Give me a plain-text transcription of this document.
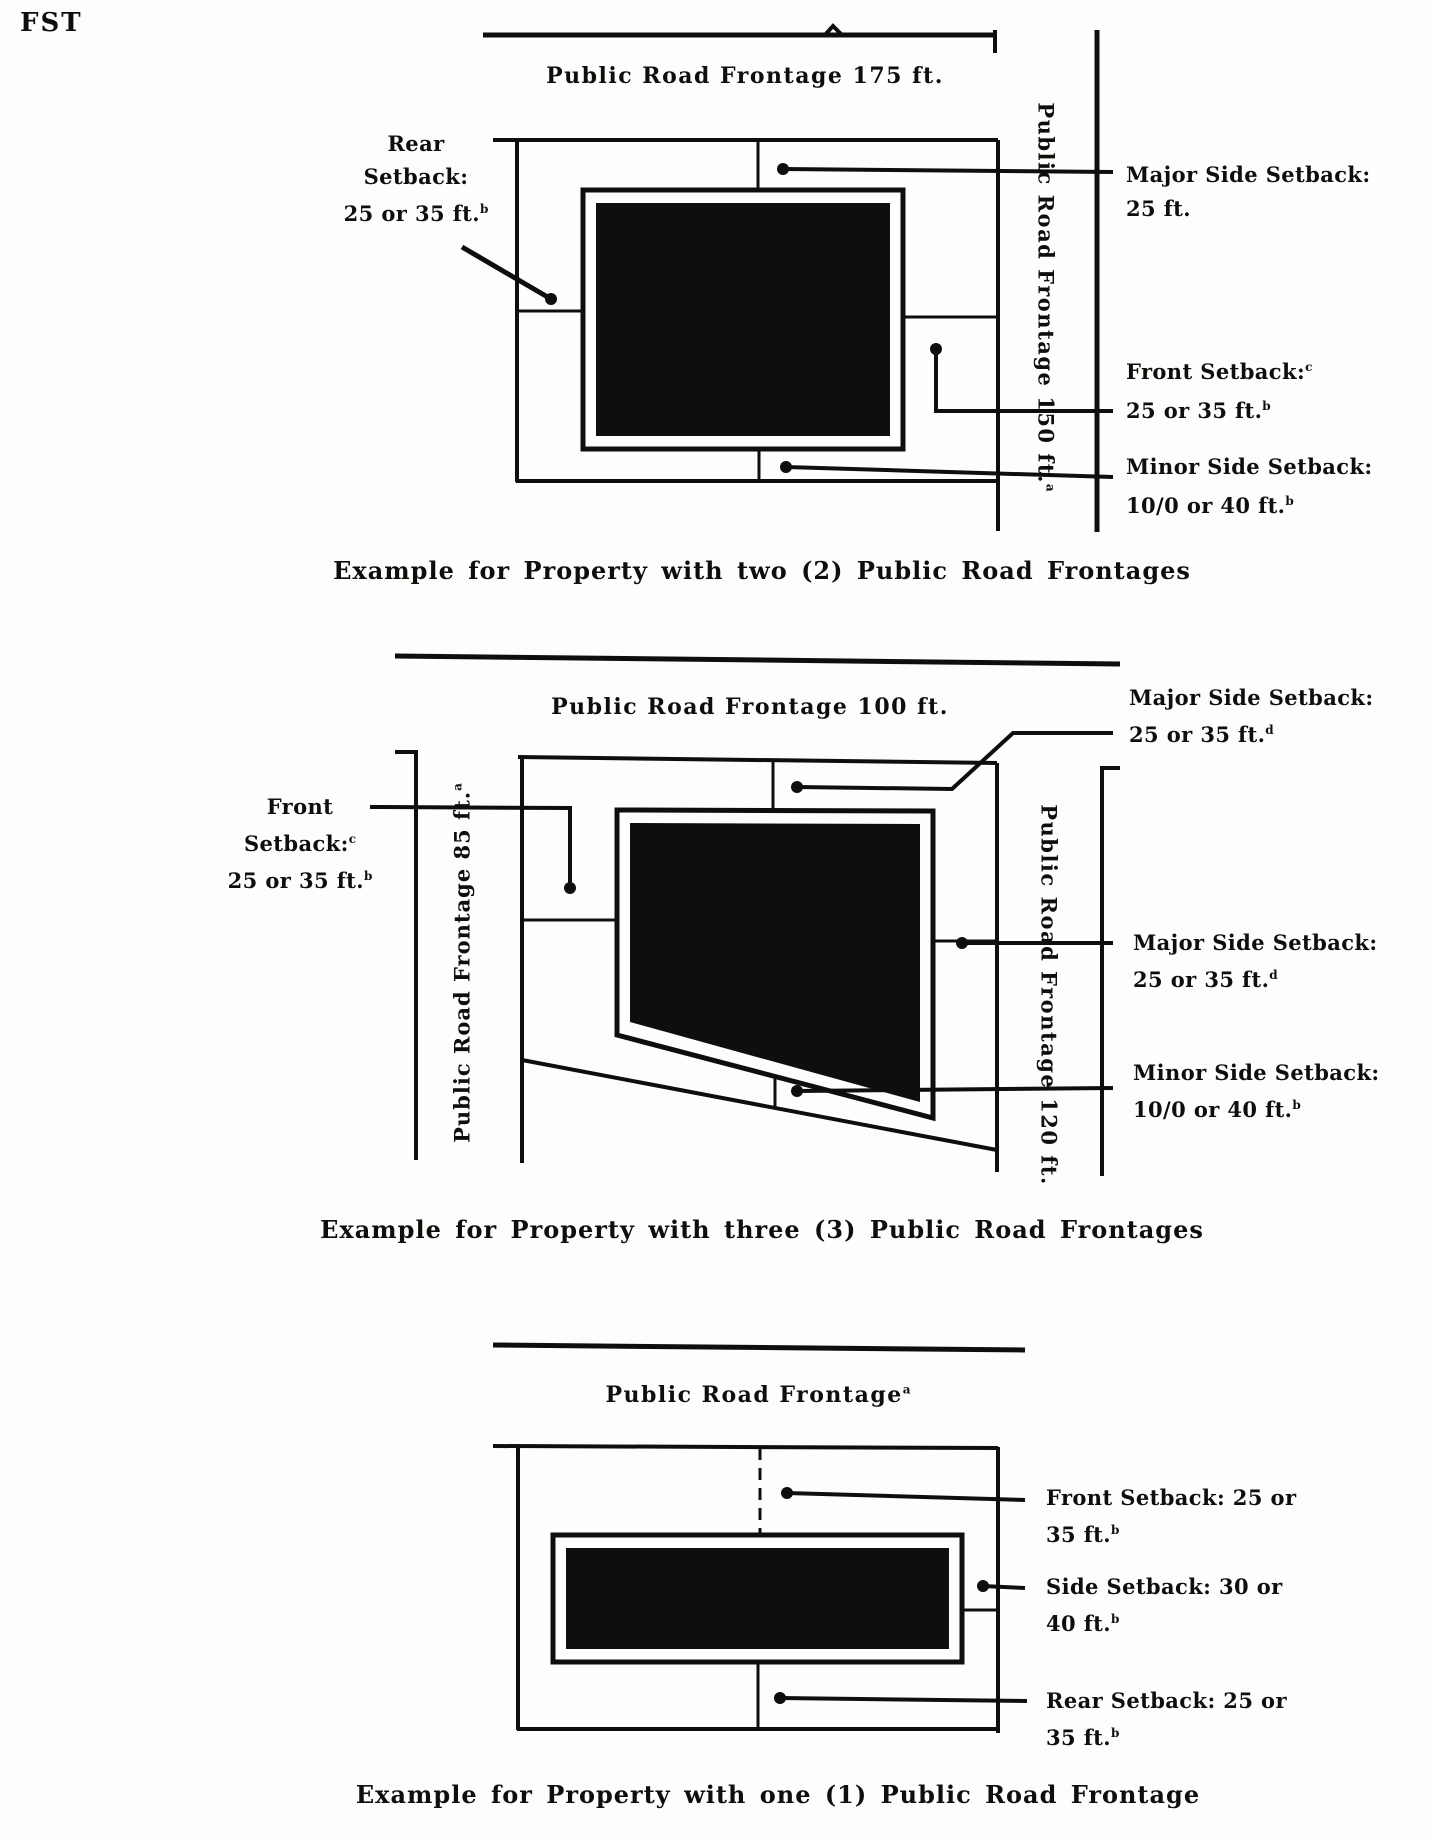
FST
Public Road Frontage 175 ft.
Public Road Frontage 150 ft.$^a$
Rear
Setback:
25 or 35 ft.$^b$
Major Side Setback:
25 ft.
Front Setback:$^c$
25 or 35 ft.$^b$
Minor Side Setback:
10/0 or 40 ft.$^b$
Example for Property with two (2) Public Road Frontages
Public Road Frontage 100 ft.
Public Road Frontage 85 ft.$^a$
Public Road Frontage 120 ft.
Front
Setback:$^c$
25 or 35 ft.$^b$
Major Side Setback:
25 or 35 ft.$^d$
Major Side Setback:
25 or 35 ft.$^d$
Minor Side Setback:
10/0 or 40 ft.$^b$
Example for Property with three (3) Public Road Frontages
Public Road Frontage$^a$
Front Setback: 25 or
35 ft.$^b$
Side Setback: 30 or
40 ft.$^b$
Rear Setback: 25 or
35 ft.$^b$
Example for Property with one (1) Public Road Frontage
